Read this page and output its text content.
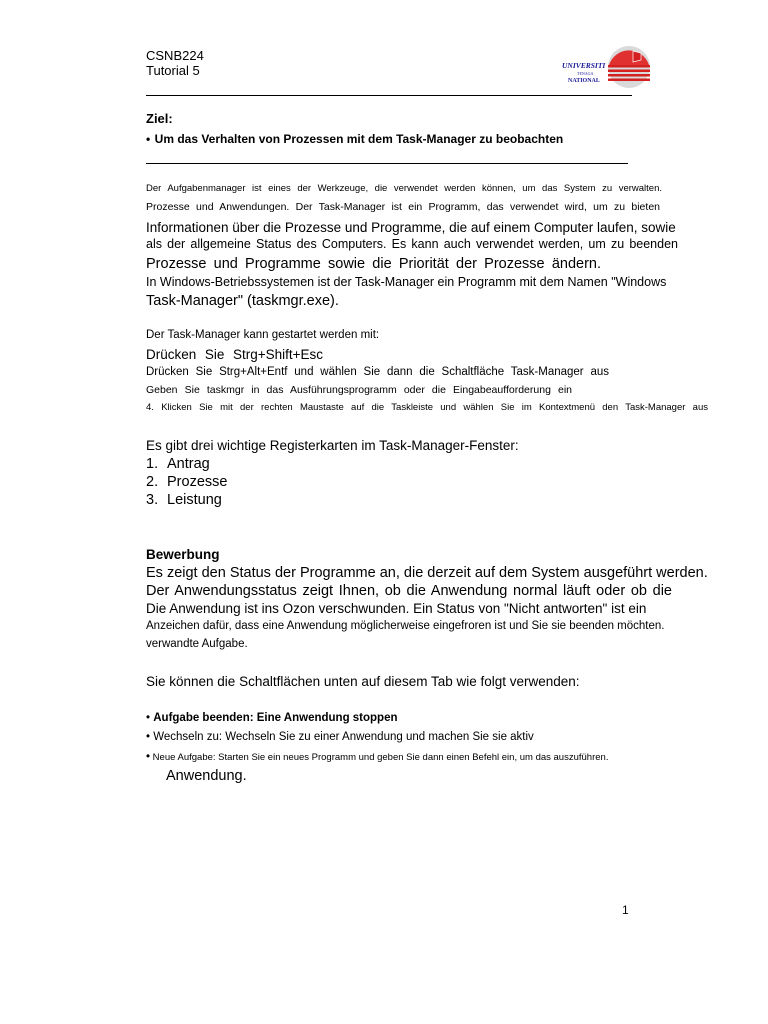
CSNB224
Tutorial 5	UNIVERSITI
TENAGA
NATIONAL
Ziel:
• Um das Verhalten von Prozessen mit dem Task-Manager zu beobachten
Der Aufgabenmanager ist eines der Werkzeuge, die verwendet werden können, um das System zu verwalten.
Prozesse und Anwendungen. Der Task-Manager ist ein Programm, das verwendet wird, um zu bieten
Informationen über die Prozesse und Programme, die auf einem Computer laufen, sowie
als der allgemeine Status des Computers. Es kann auch verwendet werden, um zu beenden
Prozesse und Programme sowie die Priorität der Prozesse ändern.
In Windows-Betriebssystemen ist der Task-Manager ein Programm mit dem Namen "Windows
Task-Manager" (taskmgr.exe).
Der Task-Manager kann gestartet werden mit:
Drücken Sie Strg+Shift+Esc
Drücken Sie Strg+Alt+Entf und wählen Sie dann die Schaltfläche Task-Manager aus
Geben Sie taskmgr in das Ausführungsprogramm oder die Eingabeaufforderung ein
4. Klicken Sie mit der rechten Maustaste auf die Taskleiste und wählen Sie im Kontextmenü den Task-Manager aus
Es gibt drei wichtige Registerkarten im Task-Manager-Fenster:
1. Antrag
2. Prozesse
3. Leistung
Bewerbung
Es zeigt den Status der Programme an, die derzeit auf dem System ausgeführt werden.
Der Anwendungsstatus zeigt Ihnen, ob die Anwendung normal läuft oder ob die
Die Anwendung ist ins Ozon verschwunden. Ein Status von "Nicht antworten" ist ein
Anzeichen dafür, dass eine Anwendung möglicherweise eingefroren ist und Sie sie beenden möchten.
verwandte Aufgabe.
Sie können die Schaltflächen unten auf diesem Tab wie folgt verwenden:
• Aufgabe beenden: Eine Anwendung stoppen
• Wechseln zu: Wechseln Sie zu einer Anwendung und machen Sie sie aktiv
• Neue Aufgabe: Starten Sie ein neues Programm und geben Sie dann einen Befehl ein, um das auszuführen.
Anwendung.
1
